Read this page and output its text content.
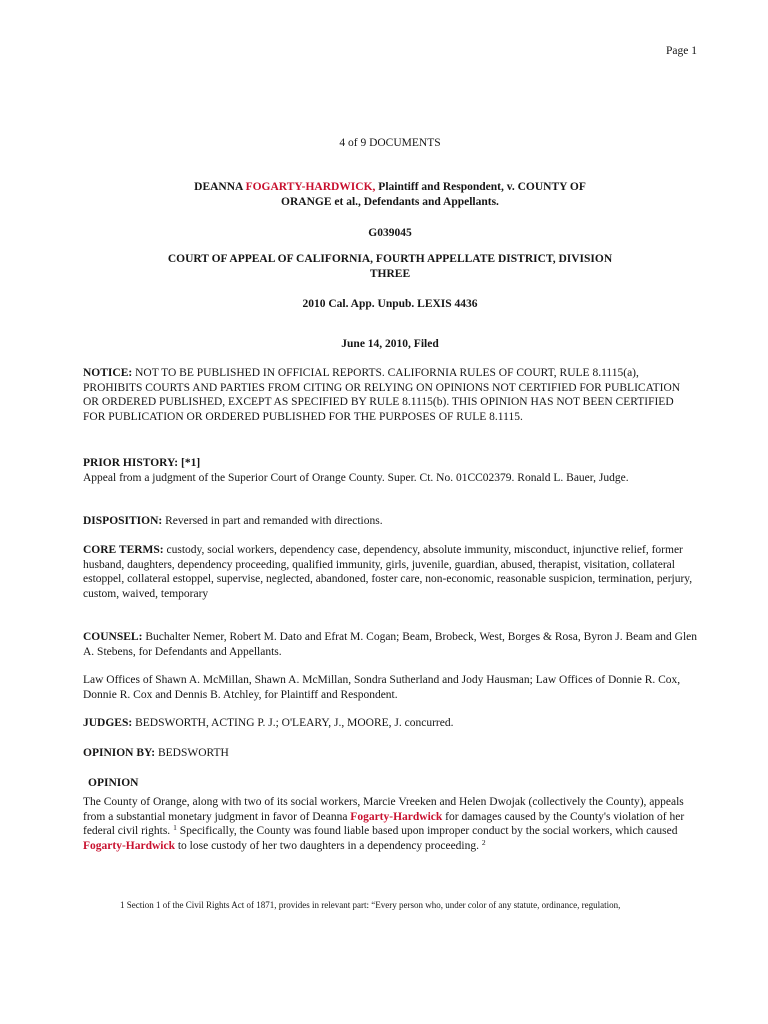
Page 1
4 of 9 DOCUMENTS
DEANNA FOGARTY-HARDWICK, Plaintiff and Respondent, v. COUNTY OF ORANGE et al., Defendants and Appellants.
G039045
COURT OF APPEAL OF CALIFORNIA, FOURTH APPELLATE DISTRICT, DIVISION THREE
2010 Cal. App. Unpub. LEXIS 4436
June 14, 2010, Filed

NOTICE: NOT TO BE PUBLISHED IN OFFICIAL REPORTS. CALIFORNIA RULES OF COURT, RULE 8.1115(a), PROHIBITS COURTS AND PARTIES FROM CITING OR RELYING ON OPINIONS NOT CERTIFIED FOR PUBLICATION OR ORDERED PUBLISHED, EXCEPT AS SPECIFIED BY RULE 8.1115(b). THIS OPINION HAS NOT BEEN CERTIFIED FOR PUBLICATION OR ORDERED PUBLISHED FOR THE PURPOSES OF RULE 8.1115.

PRIOR HISTORY: [*1]

Appeal from a judgment of the Superior Court of Orange County. Super. Ct. No. 01CC02379. Ronald L. Bauer, Judge.

DISPOSITION: Reversed in part and remanded with directions.

CORE TERMS: custody, social workers, dependency case, dependency, absolute immunity, misconduct, injunctive relief, former husband, daughters, dependency proceeding, qualified immunity, girls, juvenile, guardian, abused, therapist, visitation, collateral estoppel, collateral estoppel, supervise, neglected, abandoned, foster care, non-economic, reasonable suspicion, termination, perjury, custom, waived, temporary

COUNSEL: Buchalter Nemer, Robert M. Dato and Efrat M. Cogan; Beam, Brobeck, West, Borges & Rosa, Byron J. Beam and Glen A. Stebens, for Defendants and Appellants.

Law Offices of Shawn A. McMillan, Shawn A. McMillan, Sondra Sutherland and Jody Hausman; Law Offices of Donnie R. Cox, Donnie R. Cox and Dennis B. Atchley, for Plaintiff and Respondent.

JUDGES: BEDSWORTH, ACTING P. J.; O'LEARY, J., MOORE, J. concurred.

OPINION BY: BEDSWORTH

OPINION

The County of Orange, along with two of its social workers, Marcie Vreeken and Helen Dwojak (collectively the County), appeals from a substantial monetary judgment in favor of Deanna Fogarty-Hardwick for damages caused by the County's violation of her federal civil rights. $^1$ Specifically, the County was found liable based upon improper conduct by the social workers, which caused Fogarty-Hardwick to lose custody of her two daughters in a dependency proceeding. $^2$

1 Section 1 of the Civil Rights Act of 1871, provides in relevant part: “Every person who, under color of any statute, ordinance, regulation,
